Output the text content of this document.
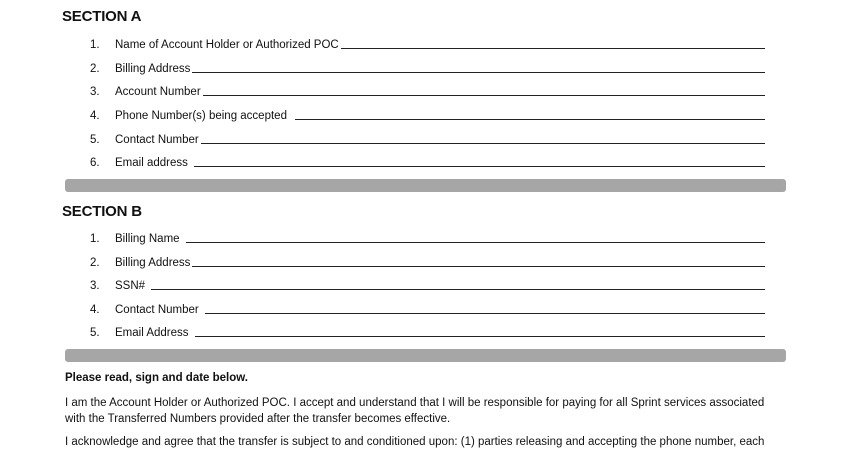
SECTION A
1.	Name of Account Holder or Authorized POC
2.	Billing Address
3.	Account Number
4.	Phone Number(s) being accepted
5.	Contact Number
6.	Email address
SECTION B
1.	Billing Name
2.	Billing Address
3.	SSN#
4.	Contact Number
5.	Email Address
Please read, sign and date below.
I am the Account Holder or Authorized POC. I accept and understand that I will be responsible for paying for all Sprint services associated with the Transferred Numbers provided after the transfer becomes effective.
I acknowledge and agree that the transfer is subject to and conditioned upon: (1) parties releasing and accepting the phone number, each
